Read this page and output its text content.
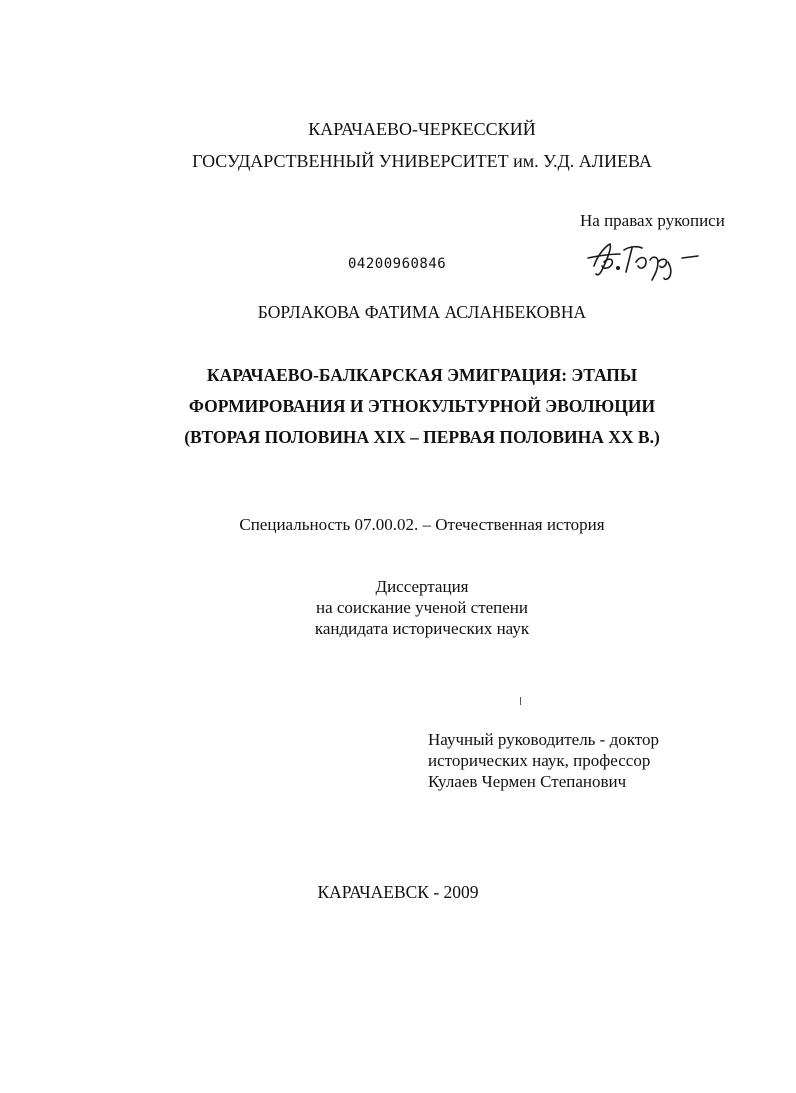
КАРАЧАЕВО-ЧЕРКЕССКИЙ
ГОСУДАРСТВЕННЫЙ УНИВЕРСИТЕТ им. У.Д. АЛИЕВА
На правах рукописи
04200960846
БОРЛАКОВА ФАТИМА АСЛАНБЕКОВНА
КАРАЧАЕВО-БАЛКАРСКАЯ ЭМИГРАЦИЯ: ЭТАПЫ
ФОРМИРОВАНИЯ И ЭТНОКУЛЬТУРНОЙ ЭВОЛЮЦИИ
(ВТОРАЯ ПОЛОВИНА XIX – ПЕРВАЯ ПОЛОВИНА XX В.)
Специальность 07.00.02. – Отечественная история
Диссертация
на соискание ученой степени
кандидата исторических наук
Научный руководитель - доктор
исторических наук, профессор
Кулаев Чермен Степанович
КАРАЧАЕВСК - 2009
